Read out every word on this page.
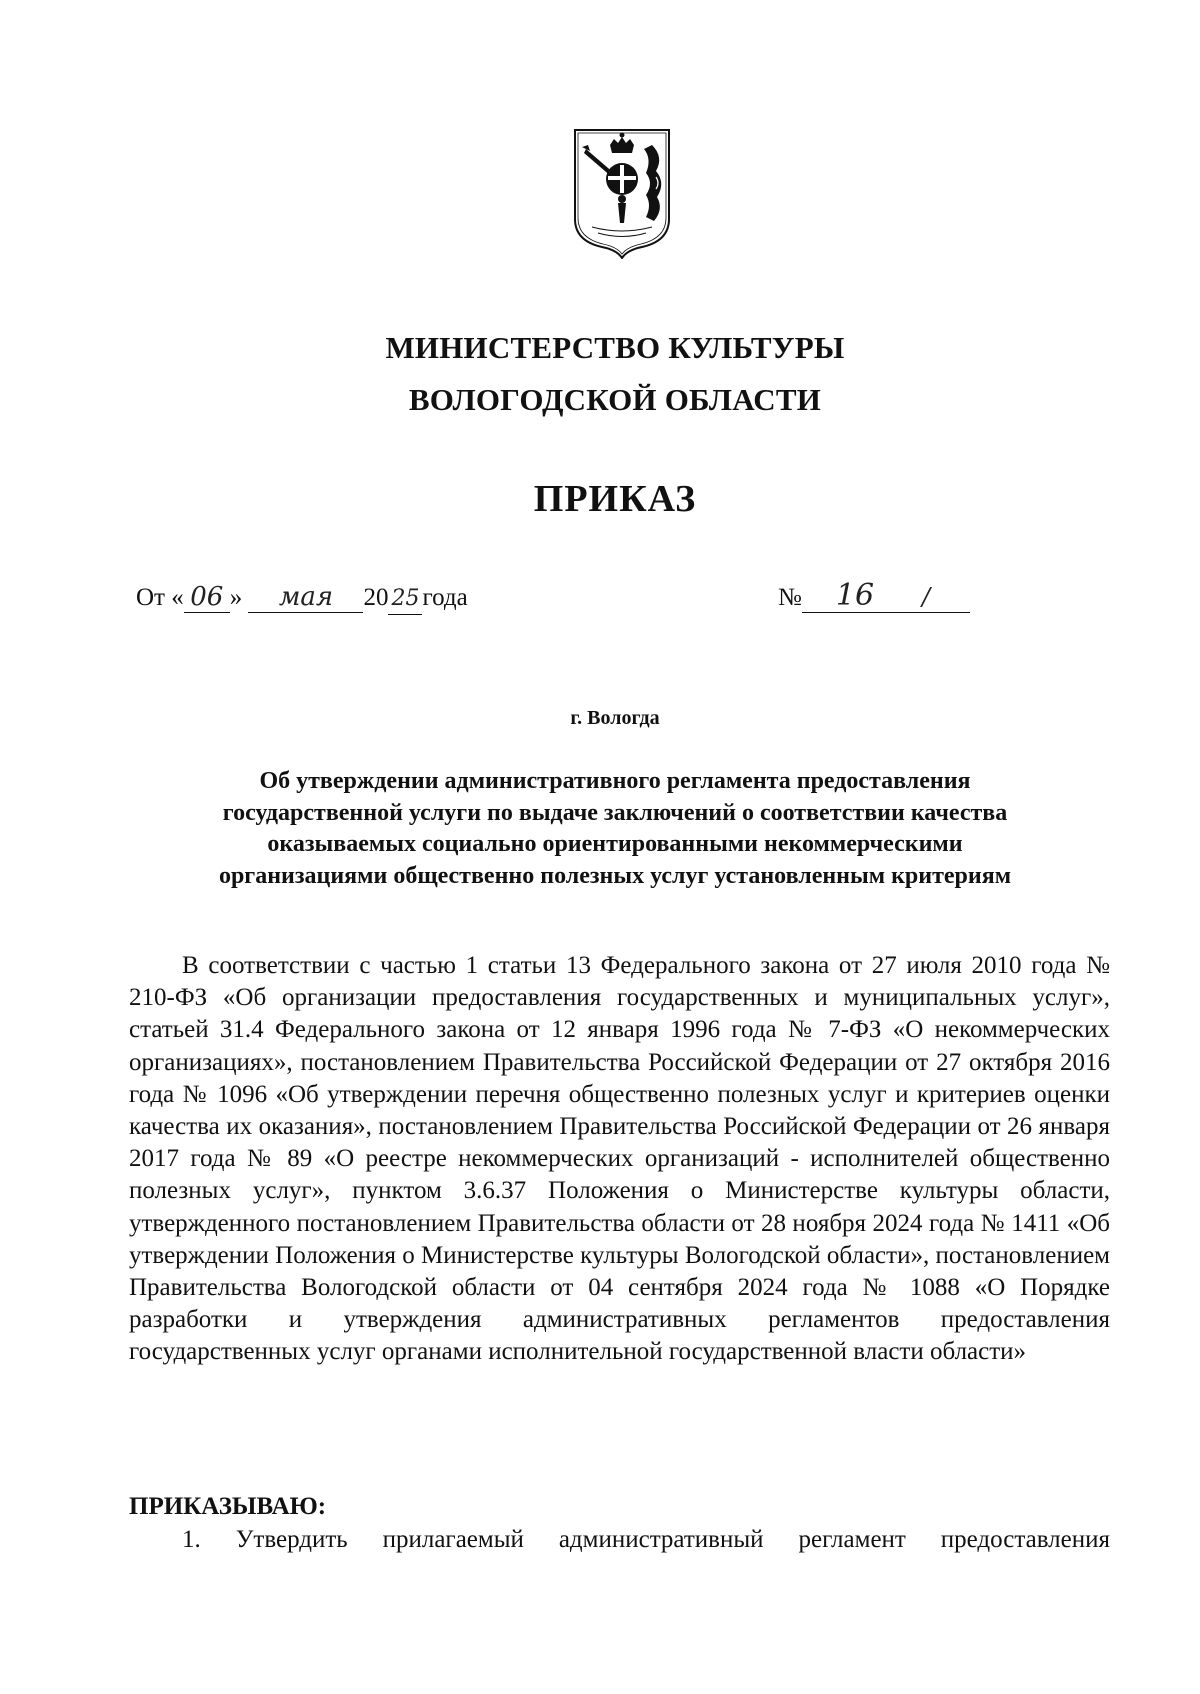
МИНИСТЕРСТВО КУЛЬТУРЫ
ВОЛОГОДСКОЙ ОБЛАСТИ
ПРИКАЗ
От « 06 » мая 20 25 года	№ 16 /
г. Вологда
Об утверждении административного регламента предоставления
государственной услуги по выдаче заключений о соответствии качества
оказываемых социально ориентированными некоммерческими
организациями общественно полезных услуг установленным критериям

В соответствии с частью 1 статьи 13 Федерального закона от 27 июля 2010 года № 210-ФЗ «Об организации предоставления государственных и муниципальных услуг», статьей 31.4 Федерального закона от 12 января 1996 года № 7-ФЗ «О некоммерческих организациях», постановлением Правительства Российской Федерации от 27 октября 2016 года № 1096 «Об утверждении перечня общественно полезных услуг и критериев оценки качества их оказания», постановлением Правительства Российской Федерации от 26 января 2017 года № 89 «О реестре некоммерческих организаций - исполнителей общественно полезных услуг», пунктом 3.6.37 Положения о Министерстве культуры области, утвержденного постановлением Правительства области от 28 ноября 2024 года № 1411 «Об утверждении Положения о Министерстве культуры Вологодской области», постановлением Правительства Вологодской области от 04 сентября 2024 года № 1088 «О Порядке разработки и утверждения административных регламентов предоставления государственных услуг органами исполнительной государственной власти области»

ПРИКАЗЫВАЮ:

1. Утвердить прилагаемый административный регламент предоставления
